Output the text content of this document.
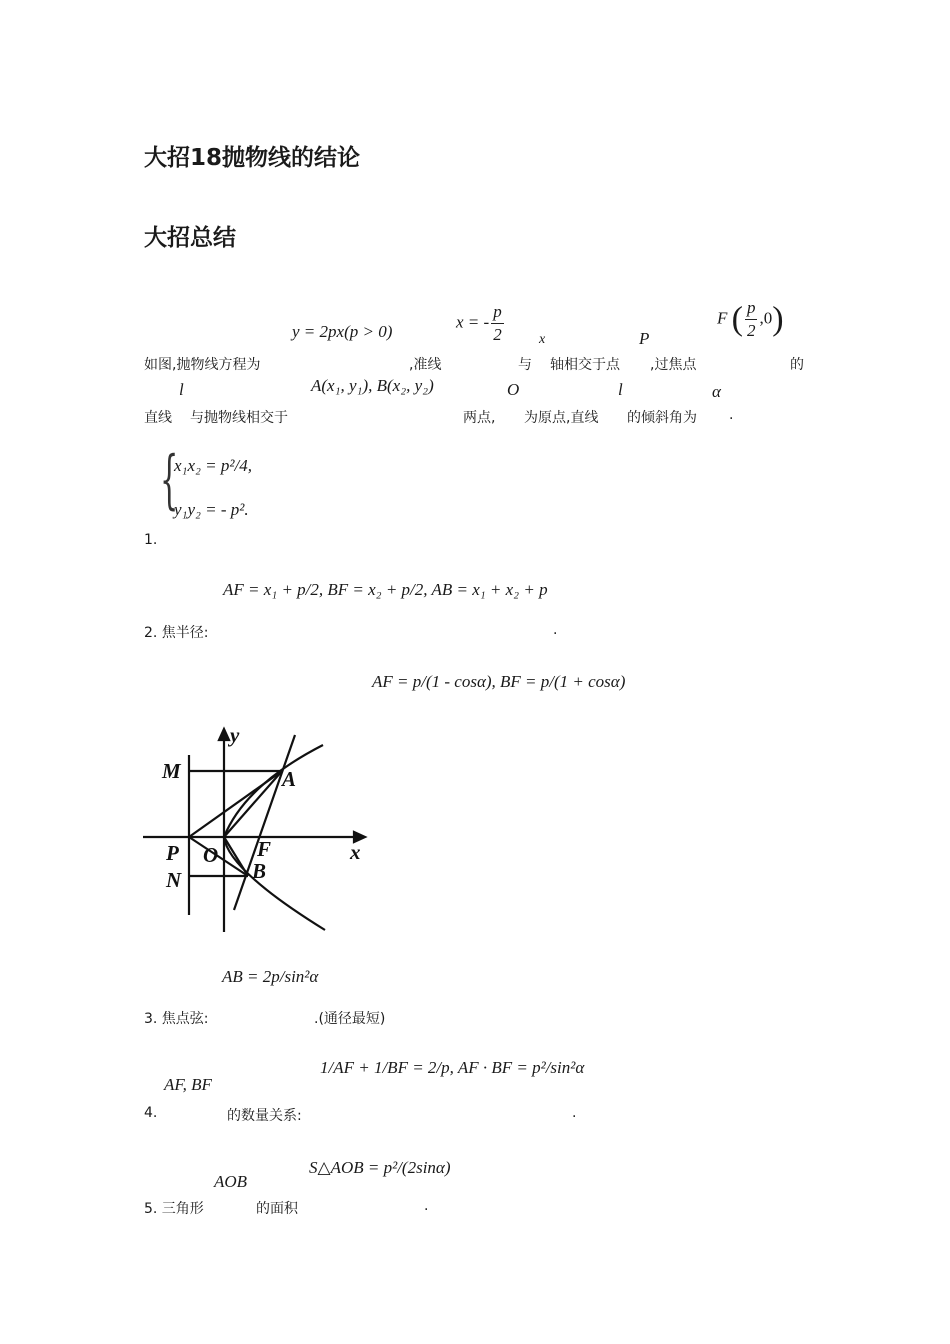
大招18抛物线的结论
大招总结
y = 2px(p > 0)
x = - $\frac{p}{2}$	x	P
F ( $\frac{p}{2} ,0$)
如图,抛物线方程为	,准线	与 轴相交于点 ,过焦点	的
l	A(x₁, y₁), B(x₂, y₂)	O	l	α
直线 与抛物线相交于	两点, 为原点,直线 的倾斜角为 .
{
x₁x₂ = p²/4,
y₁y₂ = - p².
1.
AF = x₁ + p/2, BF = x₂ + p/2, AB = x₁ + x₂ + p
2. 焦半径:	.
AF = p/(1 - cosα), BF = p/(1 + cosα)
y
M	A
P O F	x
N	B
AB = 2p/sin²α
3. 焦点弦:	.(通径最短)
AF, BF
1/AF + 1/BF = 2/p, AF · BF = p²/sin²α
4.	的数量关系:	.
AOB
S△AOB = p²/(2sinα)
5. 三角形	的面积	.
